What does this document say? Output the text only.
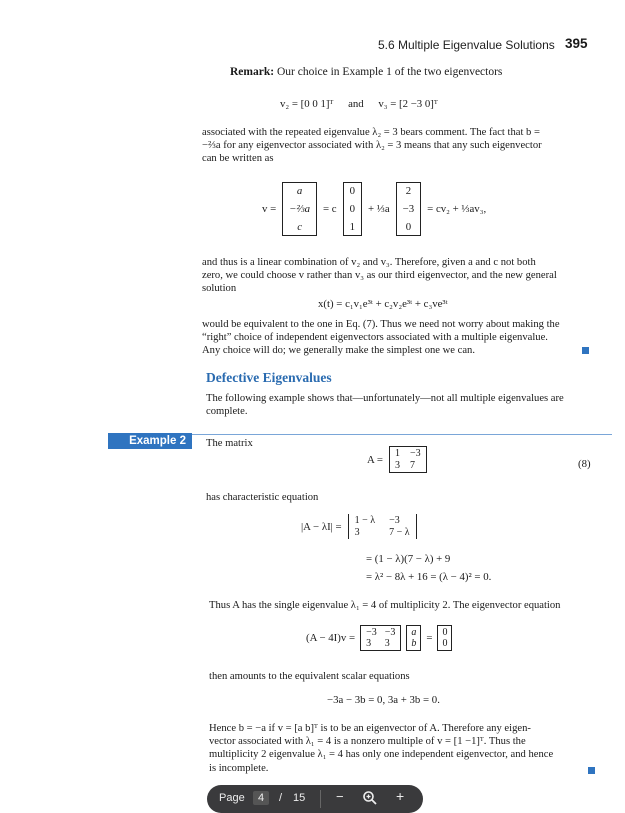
5.6 Multiple Eigenvalue Solutions 395
Remark: Our choice in Example 1 of the two eigenvectors
v₂ = [0 0 1]ᵀ and v₃ = [2 −3 0]ᵀ
associated with the repeated eigenvalue λ₂ = 3 bears comment. The fact that b =
−⅔a for any eigenvector associated with λ₂ = 3 means that any such eigenvector
can be written as
v =
a
−⅔a
c
= c
0
0
1
+ ⅓a
2
−3
0
= cv₂ + ⅓av₃,
and thus is a linear combination of v₂ and v₃. Therefore, given a and c not both
zero, we could choose v rather than v₃ as our third eigenvector, and the new general
solution
x(t) = c₁v₁e³ᵗ + c₂v₂e³ᵗ + c₃ve³ᵗ
would be equivalent to the one in Eq. (7). Thus we need not worry about making the
“right” choice of independent eigenvectors associated with a multiple eigenvalue.
Any choice will do; we generally make the simplest one we can.
Defective Eigenvalues
The following example shows that—unfortunately—not all multiple eigenvalues are
complete.
Example 2	The matrix
A = 1 −3
3 7	(8)
has characteristic equation
|A − λI| = 1 − λ −3
3	7 − λ
= (1 − λ)(7 − λ) + 9
= λ² − 8λ + 16 = (λ − 4)² = 0.
Thus A has the single eigenvalue λ₁ = 4 of multiplicity 2. The eigenvector equation
(A − 4I)v = −3 −3
3	3
a
b = 0
0
then amounts to the equivalent scalar equations
−3a − 3b = 0, 3a + 3b = 0.
Hence b = −a if v = [a b]ᵀ is to be an eigenvector of A. Therefore any eigen-
vector associated with λ₁ = 4 is a nonzero multiple of v = [1 −1]ᵀ. Thus the
multiplicity 2 eigenvalue λ₁ = 4 has only one independent eigenvector, and hence
is incomplete.
Page	4	/ 15 −	+
